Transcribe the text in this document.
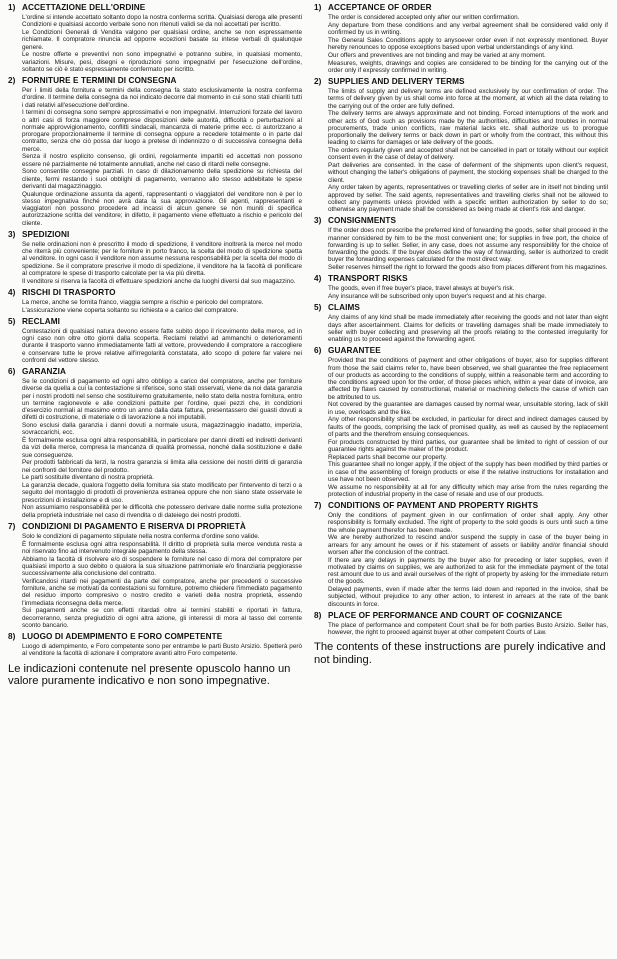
1) ACCETTAZIONE DELL'ORDINE

L'ordine si intende accettato soltanto dopo la nostra conferma scritta. Qualsiasi deroga alle presenti Condizioni e qualsiasi accordo verbale sono non ritenuti validi se da noi accettati per iscritto.

Le Condizioni Generali di Vendita valgono per qualsiasi ordine, anche se non espressamente richiamate. Il compratore rinuncia ad opporre eccezioni basate su intese verbali di qualunque genere.

Le nostre offerte e preventivi non sono impegnativi e potranno subire, in qualsiasi momento, variazioni. Misure, pesi, disegni e riproduzioni sono impegnativi per l'esecuzione dell'ordine, soltanto se ciò è stato espressamente confermato per iscritto.

2) FORNITURE E TERMINI DI CONSEGNA

Per i limiti della fornitura e termini della consegna fa stato esclusivamente la nostra conferma d'ordine. Il termine della consegna da noi indicato decorre dal momento in cui sono stati chiariti tutti i dati relativi all'esecuzione dell'ordine.

I termini di consegna sono sempre approssimativi e non impegnativi. Interruzioni forzate del lavoro o altri casi di forza maggiore comprese disposizioni delle autorità, difficoltà o perturbazioni al normale approvvigionamento, conflitti sindacali, mancanza di materie prime ecc. ci autorizzano a prorogare proporzionalmente il termine di consegna oppure a recedere totalmente o in parte dal contratto, senza che ciò possa dar luogo a pretese di indennizzo o di successiva consegna della merce.

Senza il nostro esplicito consenso, gli ordini, regolarmente impartiti ed accettati non possono essere né parzialmente né totalmente annullati, anche nel caso di ritardi nelle consegne.

Sono consentite consegne parziali. In caso di dilazionamento della spedizione su richiesta del cliente, fermi restando i suoi obblighi di pagamento, verranno allo stesso addebitate le spese derivanti dal magazzinaggio.

Qualunque ordinazione assunta da agenti, rappresentanti o viaggiatori del venditore non è per lo stesso impegnativa finché non avrà data la sua approvazione. Gli agenti, rappresentanti e viaggiatori non possono procedere ad incassi di alcun genere se non muniti di specifica autorizzazione scritta del venditore; in difetto, il pagamento viene effettuato a rischio e pericolo del cliente.

3) SPEDIZIONI

Se nelle ordinazioni non è prescritto il modo di spedizione, il venditore inoltrerà la merce nel modo che riterrà più conveniente; per le forniture in porto franco, la scelta del modo di spedizione spetta al venditore. In ogni caso il venditore non assume nessuna responsabilità per la scelta del modo di spedizione. Se il compratore prescrive il modo di spedizione, il venditore ha la facoltà di ponificare al compratore le spese di trasporto calcolate per la via più diretta.

Il venditore si riserva la facoltà di effettuare spedizioni anche da luoghi diversi dal suo magazzino.

4) RISCHI DI TRASPORTO

La merce, anche se fornita franco, viaggia sempre a rischio e pericolo del compratore.

L'assicurazione viene coperta soltanto su richiesta e a carico del compratore.

5) RECLAMI

Contestazioni di qualsiasi natura devono essere fatte subito dopo il ricevimento della merce, ed in ogni caso non oltre otto giorni dalla scoperta. Reclami relativi ad ammanchi o deterioramenti durante il trasporto vanno immediatamente fatti al vettore, provvedendo il compratore a raccogliere e conservare tutte le prove relative all'irregolarità constatata, allo scopo di potere far valere nei confronti del vettore stesso.

6) GARANZIA

Se le condizioni di pagamento ed ogni altro obbligo a carico del compratore, anche per forniture diverse da quella a cui la contestazione si riferisce, sono stati osservati, viene da noi data garanzia per i nostri prodotti nel senso che sostituiremo gratuitamente, nello stato della nostra fornitura, entro un termine ragionevole e alle condizioni pattuite per l'ordine, quei pezzi che, in condizioni d'esercizio normali al massimo entro un anno dalla data fattura, presentassero dei guasti dovuti a difetti di costruzione, di materiale o di lavorazione a noi imputabili.

Sono esclusi dalla garanzia i danni dovuti a normale usura, magazzinaggio inadatto, imperizia, sovraccarichi, ecc.

È formalmente esclusa ogni altra responsabilità, in particolare per danni diretti ed indiretti derivanti da vizi della merce, compresa la mancanza di qualità promessa, nonché dalla sostituzione e dalle sue conseguenze.

Per prodotti fabbricati da terzi, la nostra garanzia si limita alla cessione dei nostri diritti di garanzia nei confronti del fornitore del prodotto.

Le parti sostituite diventano di nostra proprietà.

La garanzia decade, qualora l'oggetto della fornitura sia stato modificato per l'intervento di terzi o a seguito del montaggio di prodotti di provenienza estranea oppure che non siano state osservate le prescrizioni di installazione e di uso.

Non assumiamo responsabilità per le difficoltà che potessero derivare dalle norme sulla protezione della proprietà industriale nel caso di rivendita o di dateiego dei nostri prodotti.

7) CONDIZIONI DI PAGAMENTO E RISERVA DI PROPRIETÀ

Solo le condizioni di pagamento stipulate nella nostra conferma d'ordine sono valide.

È formalmente esclusa ogni altra responsabilità. Il diritto di proprietà sulla merce venduta resta a noi riservato fino ad intervenuto integrale pagamento della stessa.

Abbiamo la facoltà di risolvere e/o di sospendere le forniture nel caso di mora del compratore per qualsiasi importo a suo debito o qualora la sua situazione patrimoniale e/o finanziaria peggiorasse successivamente alla conclusione del contratto.

Verificandosi ritardi nei pagamenti da parte del compratore, anche per precedenti o successive forniture, anche se motivati da contestazioni su forniture, potremo chiedere l'immediato pagamento del residuo importo compresivo o nostro credito e varieti della nostra proprietà, essendo l'immediata riconsegna della merce.

Sui pagamenti anche se con effetti ritardati oltre ai termini stabiliti e riportati in fattura, decorreranno, senza pregiudizio di ogni altra azione, gli interessi di mora al tasso del corrente sconto bancario.

8) LUOGO DI ADEMPIMENTO E FORO COMPETENTE

Luogo di adempimento, e Foro competente sono per entrambe le parti Busto Arsizio. Spetterà però al venditore la facoltà di azionare il compratore avanti altro Foro competente.

Le indicazioni contenute nel presente opuscolo hanno un valore puramente indicativo e non sono impegnative.
1) ACCEPTANCE OF ORDER

The order is considered accepted only after our written confirmation.

Any departure from these conditions and any verbal agreement shall be considered valid only if confirmed by us in writing.

The General Sales Conditions apply to anysoever order even if not expressly mentioned. Buyer hereby renounces to oppose exceptions based upon verbal understandings of any kind.

Our offers and preventives are not binding and may be varied at any moment.

Measures, weights, drawings and copies are considered to be binding for the carrying out of the order only if expressly confirmed in writing.

2) SUPPLIES AND DELIVERY TERMS

The limits of supply and delivery terms are defined exclusively by our confirmation of order. The terms of delivery given by us shall come into force at the moment, at which all the data relating to the carrying out of the order are fully defined.

The delivery terms are always approximate and not binding. Forced interruptions of the work and other acts of God such as provisions made by the authorities, difficulties and troubles in normal procurements, trade union conflicts, raw material lacks etc. shall authorize us to prorogue proportionally the delivery terms or back down in part or wholly from the contract, this without this leading to claims for damages or late delivery of the goods.

The orders regularly given and accepted shall not be cancelled in part or totally without our explicit consent even in the case of delay of delivery.

Part deliveries are consented. In the case of deferment of the shipments upon client's request, without changing the latter's obligations of payment, the stocking expenses shall be charged to the client.

Any order taken by agents, representatives or travelling clerks of seller are in itself not binding until approved by seller. The said agents, representatives and travelling clerks shall not be allowed to collect any payments unless provided with a specific written authorization by seller to do so; otherwise any payment made shall be considered as being made at client's risk and danger.

3) CONSIGNMENTS

If the order does not prescribe the preferred kind of forwarding the goods, seller shall proceed in the manner considered by him to be the most convenient one; for supplies in free port, the choice of forwarding is up to seller. Seller, in any case, does not assume any responsibility for the choice of forwarding the goods. If the buyer does define the way of forwarding, seller is authorized to credit buyer the forwarding expenses calculated for the most direct way.

Seller reserves himself the right to forward the goods also from places different from his magazines.

4) TRANSPORT RISKS

The goods, even if free buyer's place, travel always at buyer's risk.

Any insurance will be subscribed only upon buyer's request and at his charge.

5) CLAIMS

Any claims of any kind shall be made immediately after receiving the goods and not later than eight days after ascertainment. Claims for deficits or travelling damages shall be made immediately to seller with buyer collecting and preserving all the proofs relating to the contested irregularity for enabling us to proceed against the forwarding agent.

6) GUARANTEE

Provided that the conditions of payment and other obligations of buyer, also for supplies different from those the said claims refer to, have been observed, we shall guarantee the free replacement of our products as according to the conditions of supply, within a reasonable term and according to the conditions agreed upon for the order, of those pieces which, within a year date of invoice, are affected by flaws caused by constructional, material or machining defects the cause of which can be attributed to us.

Not covered by the guarantee are damages caused by normal wear, unsuitable storing, lack of skill in use, overloads and the like.

Any other responsibility shall be excluded, in particular for direct and indirect damages caused by faults of the goods, comprising the lack of promised quality, as well as caused by the replacement of parts and the therefrom ensuing consequences.

For products constructed by third parties, our guarantee shall be limited to right of cession of our guarantee rights against the maker of the product.

Replaced parts shall become our property.

This guarantee shall no longer apply, if the object of the supply has been modified by third parties or in case of the assembling of foreign products or else if the relative instructions for installation and use have not been observed.

We assume no responsibility at all for any difficulty which may arise from the rules regarding the protection of industrial property in the case of resale and use of our products.

7) CONDITIONS OF PAYMENT AND PROPERTY RIGHTS

Only the conditions of payment given in our confirmation of order shall apply. Any other responsibility is formally excluded. The right of property to the sold goods is ours until such a time the whole payment therefor has been made.

We are hereby authorized to rescind and/or suspend the supply in case of the buyer being in arrears for any amount he owes or if his statement of assets or liability and/or financial should worsen after the conclusion of the contract.

If there are any delays in payments by the buyer also for preceding or later supplies, even if motivated by claims on supplies, we are authorized to ask for the immediate payment of the total rest amount due to us and avail ourselves of the right of property by asking for the immediate return of the goods.

Delayed payments, even if made after the terms laid down and reported in the invoice, shall be subjected, without prejudice to any other action, to interest in arrears at the rate of the bank discounts in force.

8) PLACE OF PERFORMANCE AND COURT OF COGNIZANCE

The place of performance and competent Court shall be for both parties Busto Arsizio. Seller has, however, the right to proceed against buyer at other competent Courts of Law.

The contents of these instructions are purely indicative and not binding.
